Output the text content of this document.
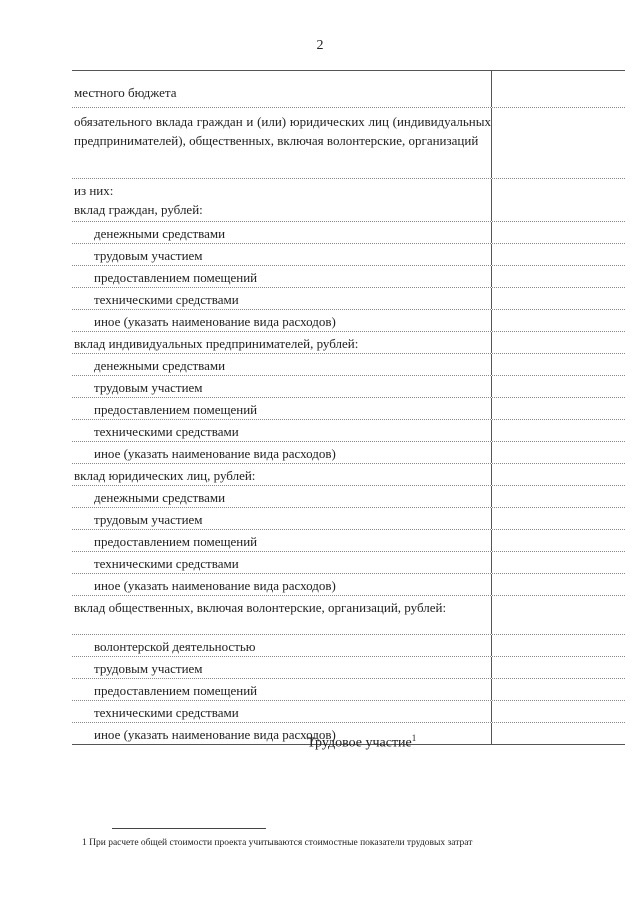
2
местного бюджета
обязательного вклада граждан и (или) юридических лиц (индивидуальных предпринимателей), общественных, включая волонтерские, организаций
из них:
вклад граждан, рублей:
денежными средствами
трудовым участием
предоставлением помещений
техническими средствами
иное (указать наименование вида расходов)
вклад индивидуальных предпринимателей, рублей:
денежными средствами
трудовым участием
предоставлением помещений
техническими средствами
иное (указать наименование вида расходов)
вклад юридических лиц, рублей:
денежными средствами
трудовым участием
предоставлением помещений
техническими средствами
иное (указать наименование вида расходов)
вклад общественных, включая волонтерские, организаций, рублей:
волонтерской деятельностью
трудовым участием
предоставлением помещений
техническими средствами
иное (указать наименование вида расходов)
Трудовое участие$^1$
1 При расчете общей стоимости проекта учитываются стоимостные показатели трудовых затрат
